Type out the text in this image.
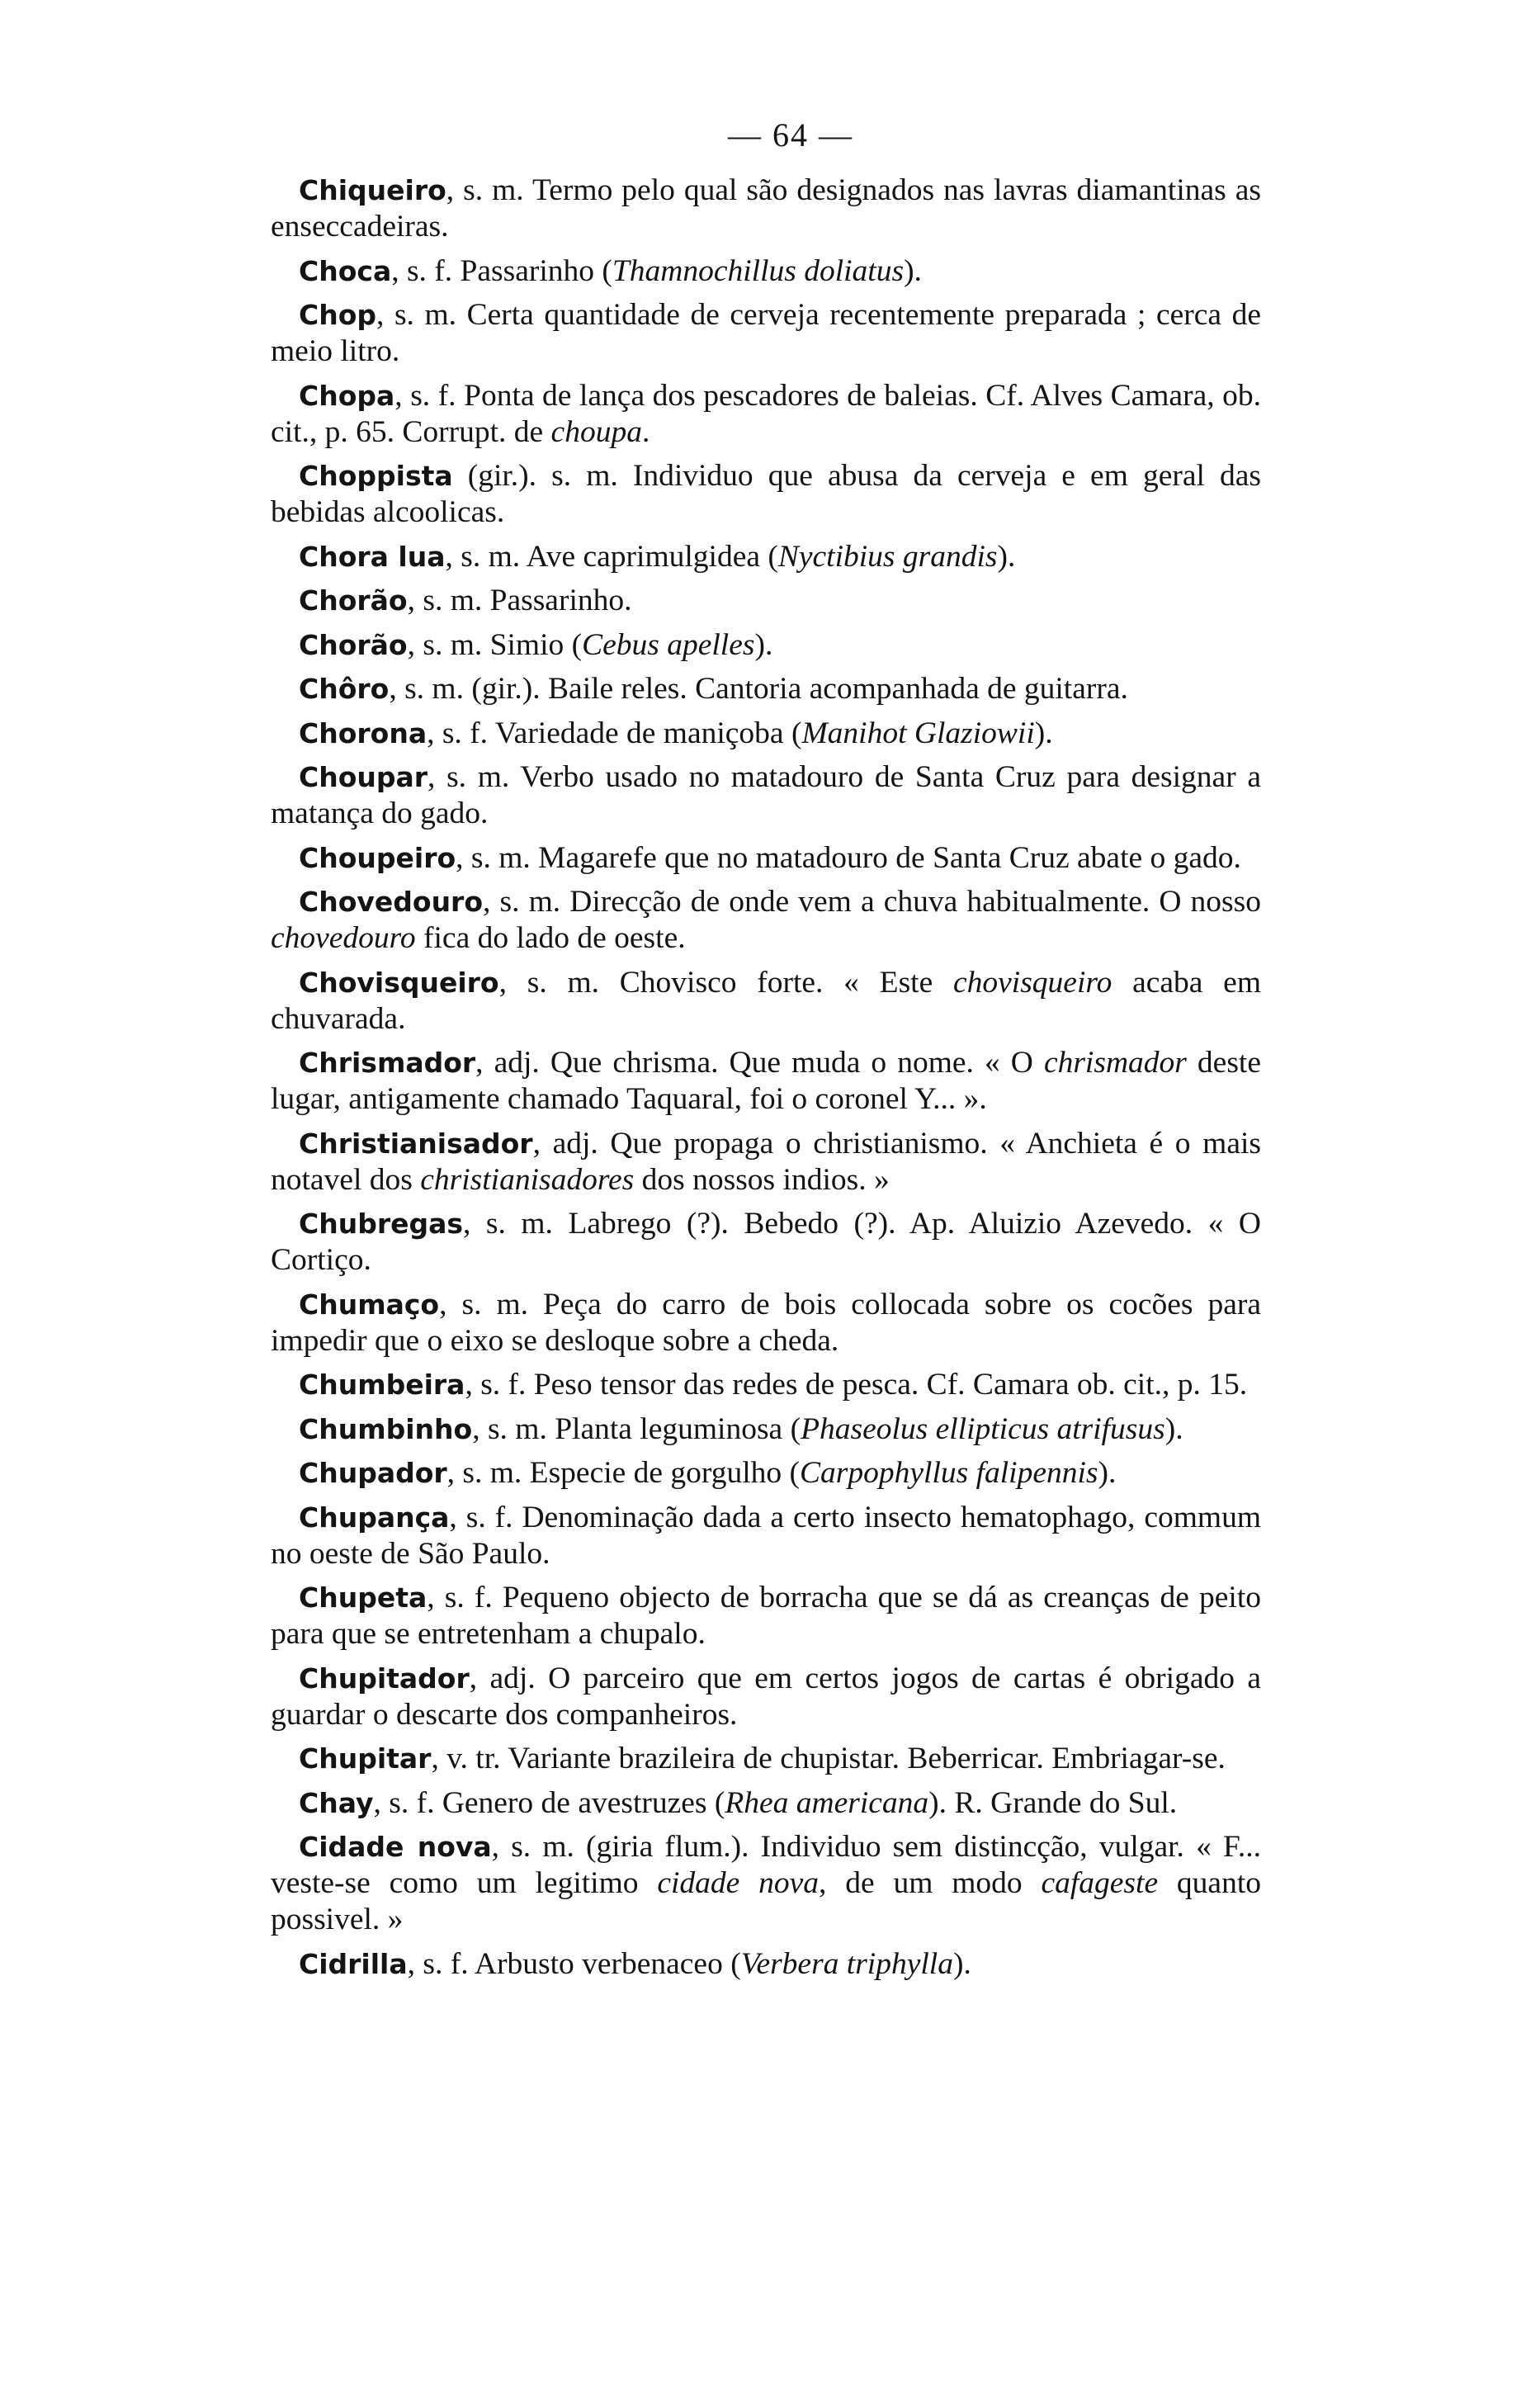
— 64 —
Chiqueiro, s. m. Termo pelo qual são designados nas lavras diamantinas as enseccadeiras.
Choca, s. f. Passarinho (Thamnochillus doliatus).
Chop, s. m. Certa quantidade de cerveja recentemente preparada ; cerca de meio litro.
Chopa, s. f. Ponta de lança dos pescadores de baleias. Cf. Alves Camara, ob. cit., p. 65. Corrupt. de choupa.
Choppista (gir.). s. m. Individuo que abusa da cerveja e em geral das bebidas alcoolicas.
Chora lua, s. m. Ave caprimulgidea (Nyctibius grandis).
Chorão, s. m. Passarinho.
Chorão, s. m. Simio (Cebus apelles).
Chôro, s. m. (gir.). Baile reles. Cantoria acompanhada de guitarra.
Chorona, s. f. Variedade de maniçoba (Manihot Glaziowii).
Choupar, s. m. Verbo usado no matadouro de Santa Cruz para designar a matança do gado.
Choupeiro, s. m. Magarefe que no matadouro de Santa Cruz abate o gado.
Chovedouro, s. m. Direcção de onde vem a chuva habitualmente. O nosso chovedouro fica do lado de oeste.
Chovisqueiro, s. m. Chovisco forte. « Este chovisqueiro acaba em chuvarada.
Chrismador, adj. Que chrisma. Que muda o nome. « O chrismador deste lugar, antigamente chamado Taquaral, foi o coronel Y... ».
Christianisador, adj. Que propaga o christianismo. « Anchieta é o mais notavel dos christianisadores dos nossos indios. »
Chubregas, s. m. Labrego (?). Bebedo (?). Ap. Aluizio Azevedo. « O Cortiço.
Chumaço, s. m. Peça do carro de bois collocada sobre os cocões para impedir que o eixo se desloque sobre a cheda.
Chumbeira, s. f. Peso tensor das redes de pesca. Cf. Camara ob. cit., p. 15.
Chumbinho, s. m. Planta leguminosa (Phaseolus ellipticus atrifusus).
Chupador, s. m. Especie de gorgulho (Carpophyllus falipennis).
Chupança, s. f. Denominação dada a certo insecto hematophago, commum no oeste de São Paulo.
Chupeta, s. f. Pequeno objecto de borracha que se dá as creanças de peito para que se entretenham a chupalo.
Chupitador, adj. O parceiro que em certos jogos de cartas é obrigado a guardar o descarte dos companheiros.
Chupitar, v. tr. Variante brazileira de chupistar. Beberricar. Embriagar-se.
Chay, s. f. Genero de avestruzes (Rhea americana). R. Grande do Sul.
Cidade nova, s. m. (giria flum.). Individuo sem distincção, vulgar. « F... veste-se como um legitimo cidade nova, de um modo cafageste quanto possivel. »
Cidrilla, s. f. Arbusto verbenaceo (Verbera triphylla).
